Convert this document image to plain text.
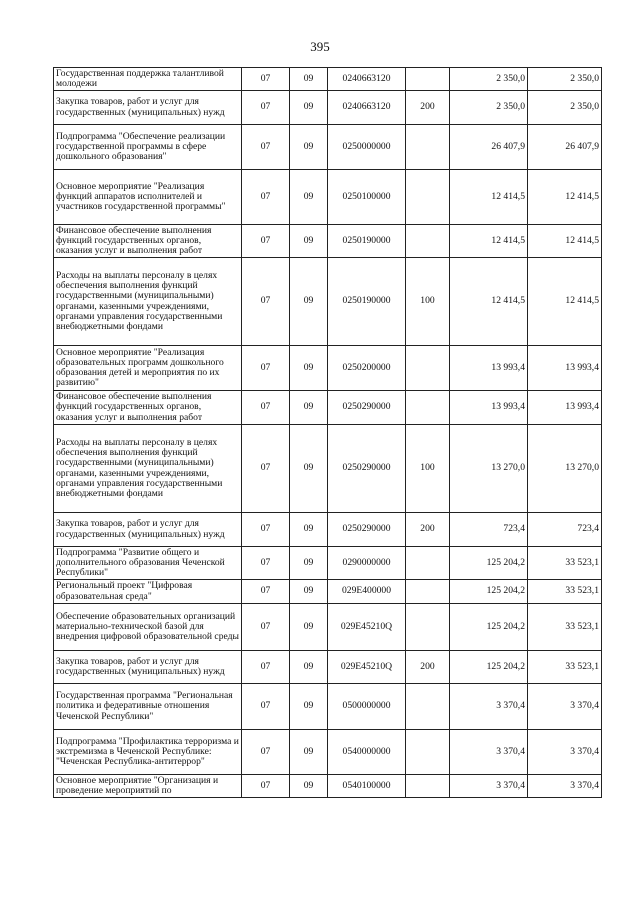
395
Государственная поддержка талантливой молодежи	07	09	0240663120		2 350,0	2 350,0
Закупка товаров, работ и услуг для государственных (муниципальных) нужд	07	09	0240663120	200	2 350,0	2 350,0
Подпрограмма "Обеспечение реализации государственной программы в сфере дошкольного образования"	07	09	0250000000		26 407,9	26 407,9
Основное мероприятие "Реализация функций аппаратов исполнителей и участников государственной программы"	07	09	0250100000		12 414,5	12 414,5
Финансовое обеспечение выполнения функций государственных органов, оказания услуг и выполнения работ	07	09	0250190000		12 414,5	12 414,5
Расходы на выплаты персоналу в целях обеспечения выполнения функций государственными (муниципальными) органами, казенными учреждениями, органами управления государственными внебюджетными фондами	07	09	0250190000	100	12 414,5	12 414,5
Основное мероприятие "Реализация образовательных программ дошкольного образования детей и мероприятия по их развитию"	07	09	0250200000		13 993,4	13 993,4
Финансовое обеспечение выполнения функций государственных органов, оказания услуг и выполнения работ	07	09	0250290000		13 993,4	13 993,4
Расходы на выплаты персоналу в целях обеспечения выполнения функций государственными (муниципальными) органами, казенными учреждениями, органами управления государственными внебюджетными фондами	07	09	0250290000	100	13 270,0	13 270,0
Закупка товаров, работ и услуг для государственных (муниципальных) нужд	07	09	0250290000	200	723,4	723,4
Подпрограмма "Развитие общего и дополнительного образования Чеченской Республики"	07	09	0290000000		125 204,2	33 523,1
Региональный проект "Цифровая образовательная среда"	07	09	029E400000		125 204,2	33 523,1
Обеспечение образовательных организаций материально-технической базой для внедрения цифровой образовательной среды	07	09	029E45210Q		125 204,2	33 523,1
Закупка товаров, работ и услуг для государственных (муниципальных) нужд	07	09	029E45210Q	200	125 204,2	33 523,1
Государственная программа "Региональная политика и федеративные отношения Чеченской Республики"	07	09	0500000000		3 370,4	3 370,4
Подпрограмма "Профилактика терроризма и экстремизма в Чеченской Республике: "Чеченская Республика-антитеррор"	07	09	0540000000		3 370,4	3 370,4
Основное мероприятие "Организация и проведение мероприятий по	07	09	0540100000		3 370,4	3 370,4
